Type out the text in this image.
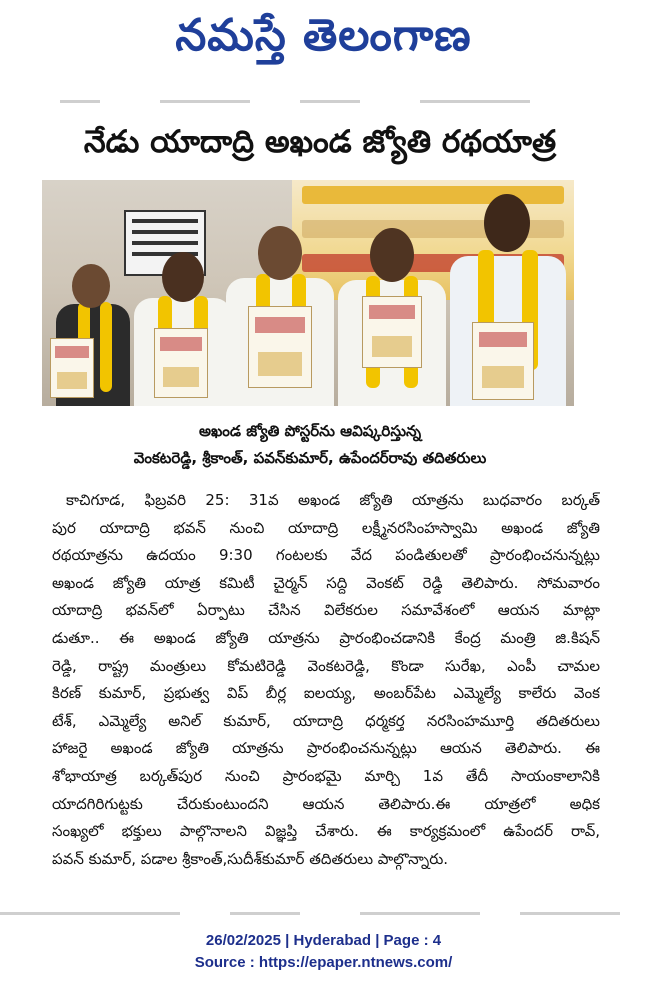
నమస్తే తెలంగాణ
నేడు యాదాద్రి అఖండ జ్యోతి రథయాత్ర
అఖండ జ్యోతి పోస్టర్‌ను ఆవిష్కరిస్తున్న
వెంకటరెడ్డి, శ్రీకాంత్, పవన్‌కుమార్, ఉపేందర్‌రావు తదితరులు
కాచిగూడ, ఫిబ్రవరి 25: 31వ అఖండ జ్యోతి యాత్రను బుధవారం బర్కత్
పుర యాదాద్రి భవన్ నుంచి యాదాద్రి లక్ష్మీనరసింహస్వామి అఖండ జ్యోతి
రథయాత్రను ఉదయం 9:30 గంటలకు వేద పండితులతో ప్రారంభించనున్నట్లు
అఖండ జ్యోతి యాత్ర కమిటీ చైర్మన్ సద్ది వెంకట్ రెడ్డి తెలిపారు. సోమవారం
యాదాద్రి భవన్‌లో ఏర్పాటు చేసిన విలేకరుల సమావేశంలో ఆయన మాట్లా
డుతూ.. ఈ అఖండ జ్యోతి యాత్రను ప్రారంభించడానికి కేంద్ర మంత్రి జి.కిషన్
రెడ్డి, రాష్ట్ర మంత్రులు కోమటిరెడ్డి వెంకటరెడ్డి, కొండా సురేఖ, ఎంపీ చామల
కిరణ్ కుమార్, ప్రభుత్వ విప్ బీర్ల ఐలయ్య, అంబర్‌పేట ఎమ్మెల్యే కాలేరు వెంక
టేశ్, ఎమ్మెల్యే అనిల్ కుమార్, యాదాద్రి ధర్మకర్త నరసింహమూర్తి తదితరులు
హాజరై అఖండ జ్యోతి యాత్రను ప్రారంభించనున్నట్లు ఆయన తెలిపారు. ఈ
శోభాయాత్ర బర్కత్‌పుర నుంచి ప్రారంభమై మార్చి 1వ తేదీ సాయంకాలానికి
యాదగిరిగుట్టకు చేరుకుంటుందని ఆయన తెలిపారు.ఈ యాత్రలో అధిక
సంఖ్యలో భక్తులు పాల్గొనాలని విజ్ఞప్తి చేశారు. ఈ కార్యక్రమంలో ఉపేందర్ రావ్,
పవన్ కుమార్, పడాల శ్రీకాంత్,సుదీశ్‌కుమార్ తదితరులు పాల్గొన్నారు.
26/02/2025 | Hyderabad | Page : 4
Source : https://epaper.ntnews.com/
